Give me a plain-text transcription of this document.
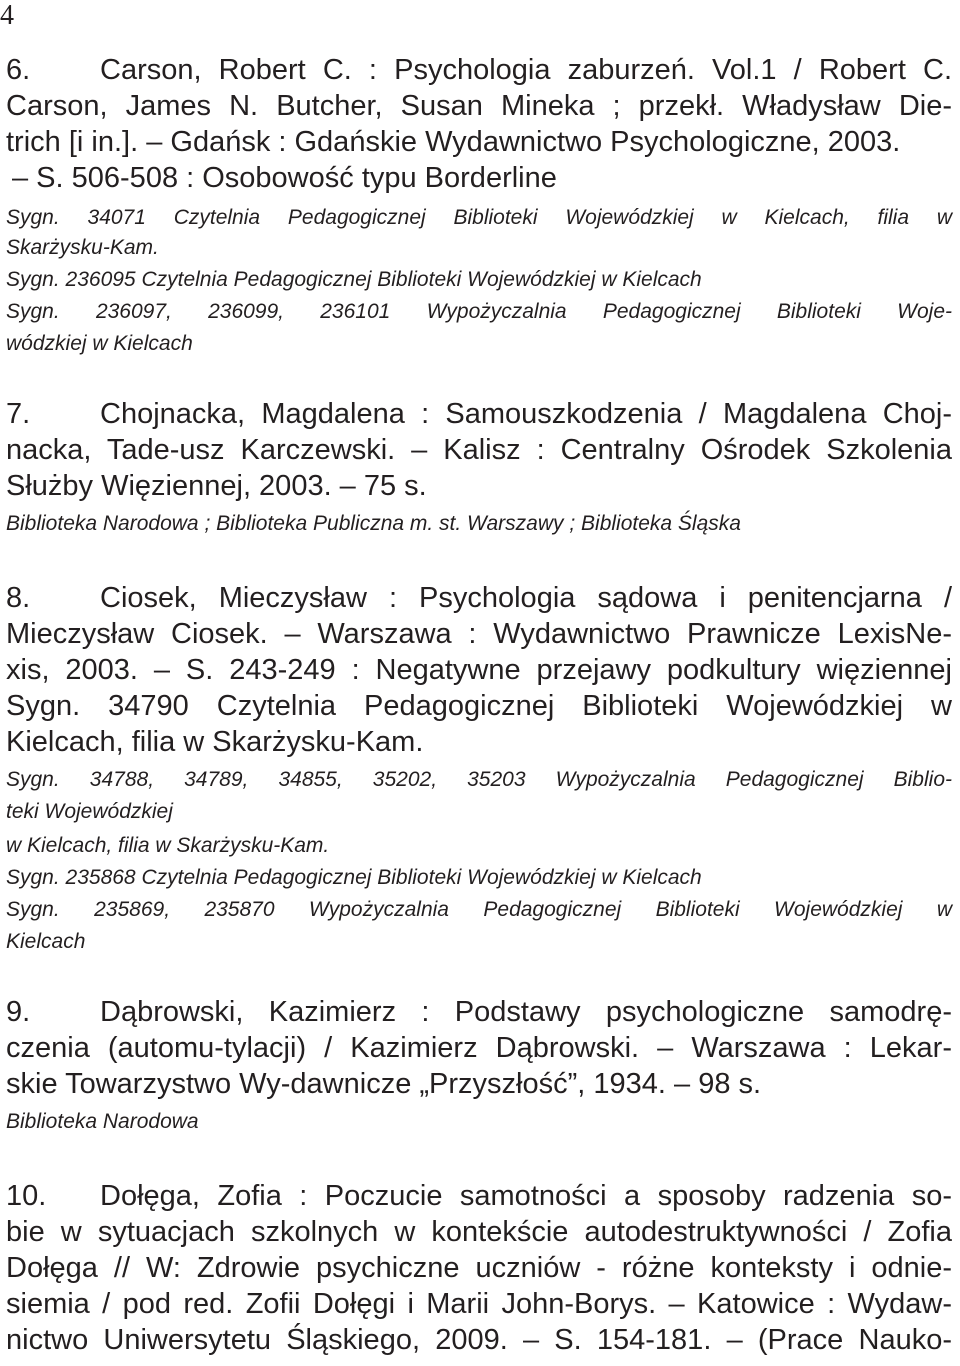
4
6. Carson, Robert C. : Psychologia zaburzeń. Vol.1 / Robert C.
Carson, James N. Butcher, Susan Mineka ; przekł. Władysław Die-
trich [i in.]. – Gdańsk : Gdańskie Wydawnictwo Psychologiczne, 2003.
– S. 506-508 : Osobowość typu Borderline
Sygn. 34071 Czytelnia Pedagogicznej Biblioteki Wojewódzkiej w Kielcach, filia w
Skarżysku-Kam.
Sygn. 236095 Czytelnia Pedagogicznej Biblioteki Wojewódzkiej w Kielcach
Sygn. 236097, 236099, 236101 Wypożyczalnia Pedagogicznej Biblioteki Woje-
wódzkiej w Kielcach
7. Chojnacka, Magdalena : Samouszkodzenia / Magdalena Choj-
nacka, Tade-usz Karczewski. – Kalisz : Centralny Ośrodek Szkolenia
Służby Więziennej, 2003. – 75 s.
Biblioteka Narodowa ; Biblioteka Publiczna m. st. Warszawy ; Biblioteka Śląska
8. Ciosek, Mieczysław : Psychologia sądowa i penitencjarna /
Mieczysław Ciosek. – Warszawa : Wydawnictwo Prawnicze LexisNe-
xis, 2003. – S. 243-249 : Negatywne przejawy podkultury więziennej
Sygn. 34790 Czytelnia Pedagogicznej Biblioteki Wojewódzkiej w
Kielcach, filia w Skarżysku-Kam.
Sygn. 34788, 34789, 34855, 35202, 35203 Wypożyczalnia Pedagogicznej Biblio-
teki Wojewódzkiej
w Kielcach, filia w Skarżysku-Kam.
Sygn. 235868 Czytelnia Pedagogicznej Biblioteki Wojewódzkiej w Kielcach
Sygn. 235869, 235870 Wypożyczalnia Pedagogicznej Biblioteki Wojewódzkiej w
Kielcach
9. Dąbrowski, Kazimierz : Podstawy psychologiczne samodrę-
czenia (automu-tylacji) / Kazimierz Dąbrowski. – Warszawa : Lekar-
skie Towarzystwo Wy-dawnicze „Przyszłość”, 1934. – 98 s.
Biblioteka Narodowa
10. Dołęga, Zofia : Poczucie samotności a sposoby radzenia so-
bie w sytuacjach szkolnych w kontekście autodestruktywności / Zofia
Dołęga // W: Zdrowie psychiczne uczniów - różne konteksty i odnie-
siemia / pod red. Zofii Dołęgi i Marii John-Borys. – Katowice : Wydaw-
nictwo Uniwersytetu Śląskiego, 2009. – S. 154-181. – (Prace Nauko-
